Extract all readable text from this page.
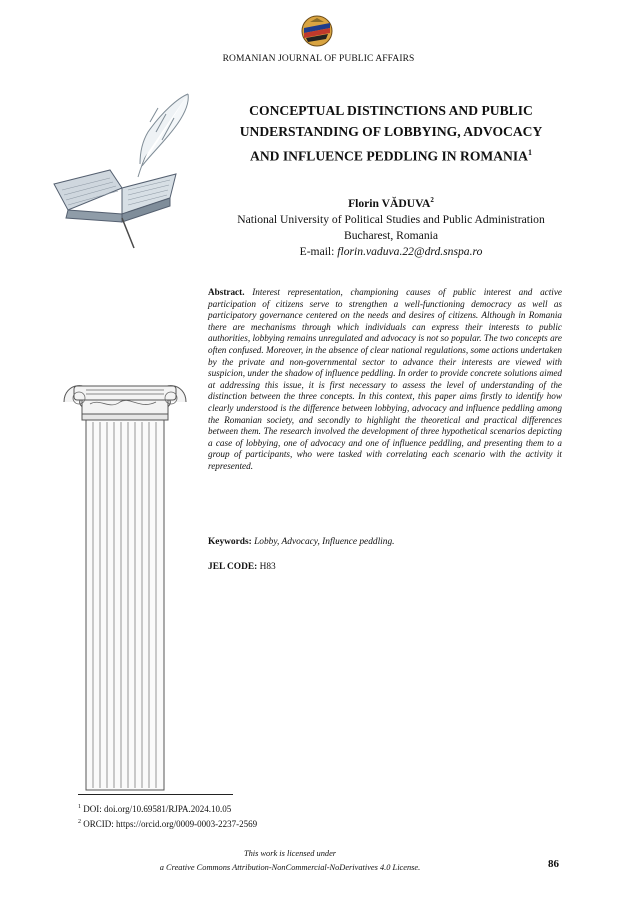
ROMANIAN JOURNAL OF PUBLIC AFFAIRS
CONCEPTUAL DISTINCTIONS AND PUBLIC
UNDERSTANDING OF LOBBYING, ADVOCACY
AND INFLUENCE PEDDLING IN ROMANIA$^1$
Florin VĂDUVA$^2$
National University of Political Studies and Public Administration
Bucharest, Romania
E-mail: florin.vaduva.22@drd.snspa.ro
Abstract. Interest representation, championing causes of public interest and active participation of citizens serve to strengthen a well-functioning democracy as well as participatory governance centered on the needs and desires of citizens. Although in Romania there are mechanisms through which individuals can express their interests to public authorities, lobbying remains unregulated and advocacy is not so popular. The two concepts are often confused. Moreover, in the absence of clear national regulations, some actions undertaken by the private and non-governmental sector to advance their interests are viewed with suspicion, under the shadow of influence peddling. In order to provide concrete solutions aimed at addressing this issue, it is first necessary to assess the level of understanding of the distinction between the three concepts. In this context, this paper aims firstly to identify how clearly understood is the difference between lobbying, advocacy and influence peddling among the Romanian society, and secondly to highlight the theoretical and practical differences between them. The research involved the development of three hypothetical scenarios depicting a case of lobbying, one of advocacy and one of influence peddling, and presenting them to a group of participants, who were tasked with correlating each scenario with the activity it represented.
Keywords: Lobby, Advocacy, Influence peddling.
JEL CODE: H83
$^1$ DOI: doi.org/10.69581/RJPA.2024.10.05
$^2$ ORCID: https://orcid.org/0009-0003-2237-2569
This work is licensed under
a Creative Commons Attribution-NonCommercial-NoDerivatives 4.0 License.	86
